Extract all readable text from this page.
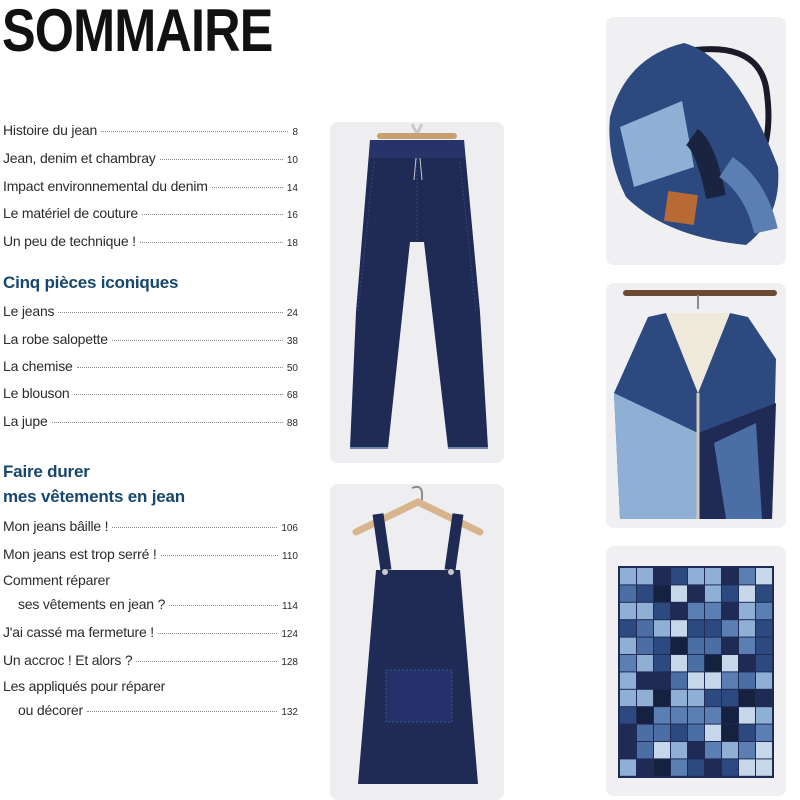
SOMMAIRE
Histoire du jean	8
Jean, denim et chambray	10
Impact environnemental du denim	14
Le matériel de couture	16
Un peu de technique !	18
Cinq pièces iconiques
Le jeans	24
La robe salopette	38
La chemise	50
Le blouson	68
La jupe	88
Faire durer
mes vêtements en jean
Mon jeans bâille !	106
Mon jeans est trop serré !	110
Comment réparer
ses vêtements en jean ?	114
J'ai cassé ma fermeture !	124
Un accroc ! Et alors ?	128
Les appliqués pour réparer
ou décorer	132
